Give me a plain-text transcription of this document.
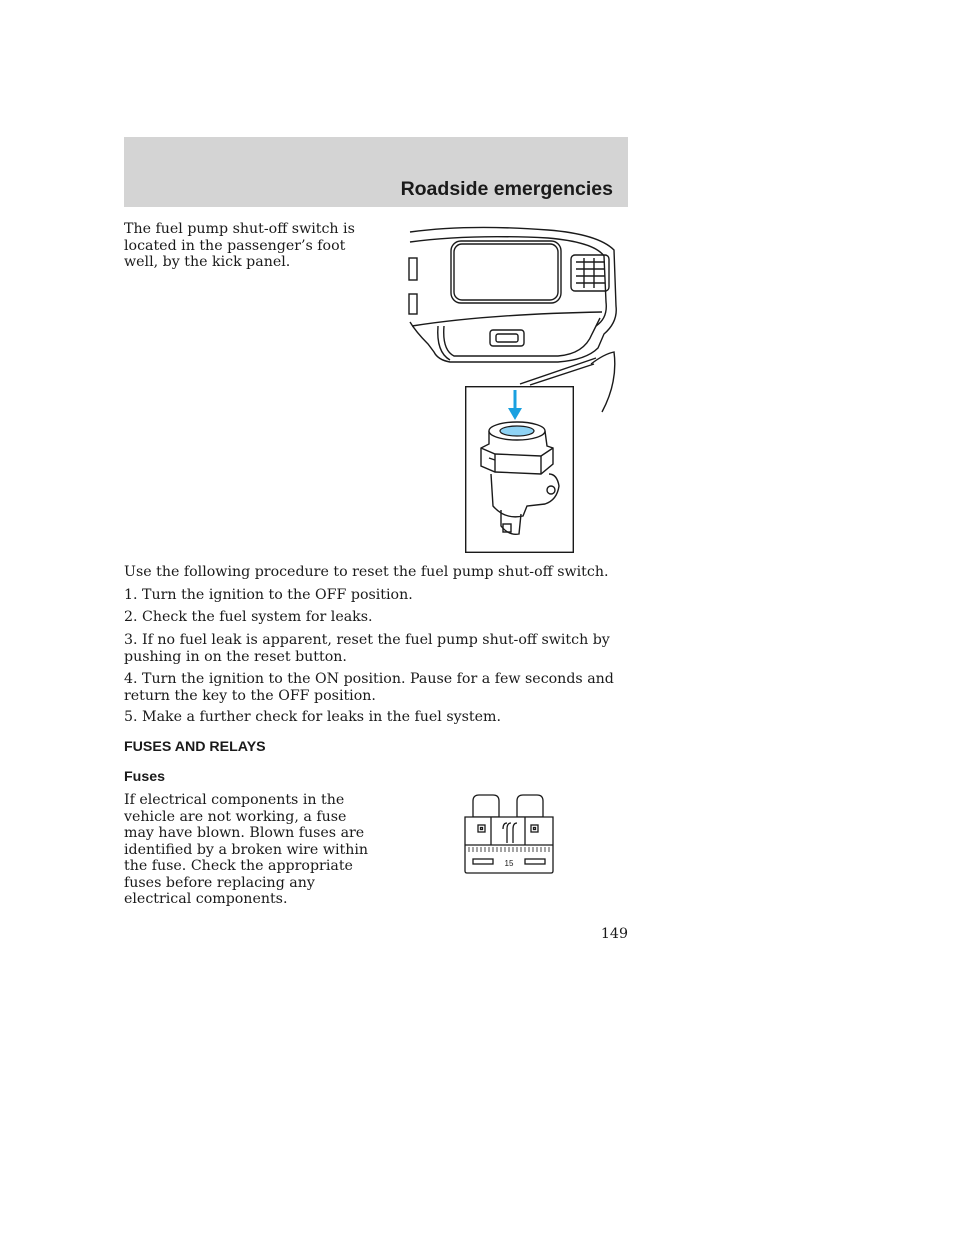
Roadside emergencies

The fuel pump shut-off switch is located in the passenger’s foot well, by the kick panel.

Use the following procedure to reset the fuel pump shut-off switch.

1. Turn the ignition to the OFF position.

2. Check the fuel system for leaks.

3. If no fuel leak is apparent, reset the fuel pump shut-off switch by pushing in on the reset button.

4. Turn the ignition to the ON position. Pause for a few seconds and return the key to the OFF position.

5. Make a further check for leaks in the fuel system.

FUSES AND RELAYS
Fuses

If electrical components in the vehicle are not working, a fuse may have blown. Blown fuses are identified by a broken wire within the fuse. Check the appropriate fuses before replacing any electrical components.

15

149
